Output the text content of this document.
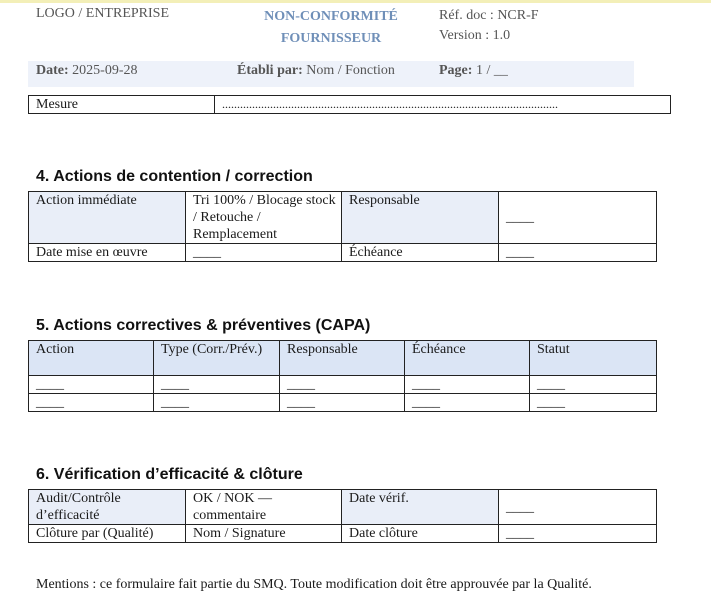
LOGO / ENTREPRISE	NON-CONFORMITÉ
FOURNISSEUR
Réf. doc : NCR-F
Version : 1.0
Date: 2025-09-28	Établi par: Nom / Fonction	Page: 1 / __
Mesure	................................................................................................................
4. Actions de contention / correction
Action immédiate	Tri 100% / Blocage stock / Retouche / Remplacement	Responsable	____
Date mise en œuvre	____	Échéance	____
5. Actions correctives & préventives (CAPA)
Action	Type (Corr./Prév.)	Responsable	Échéance	Statut
____	____	____	____	____
____	____	____	____	____
6. Vérification d’efficacité & clôture
Audit/Contrôle d’efficacité	OK / NOK — commentaire	Date vérif.	____
Clôture par (Qualité)	Nom / Signature	Date clôture	____
Mentions : ce formulaire fait partie du SMQ. Toute modification doit être approuvée par la Qualité.
